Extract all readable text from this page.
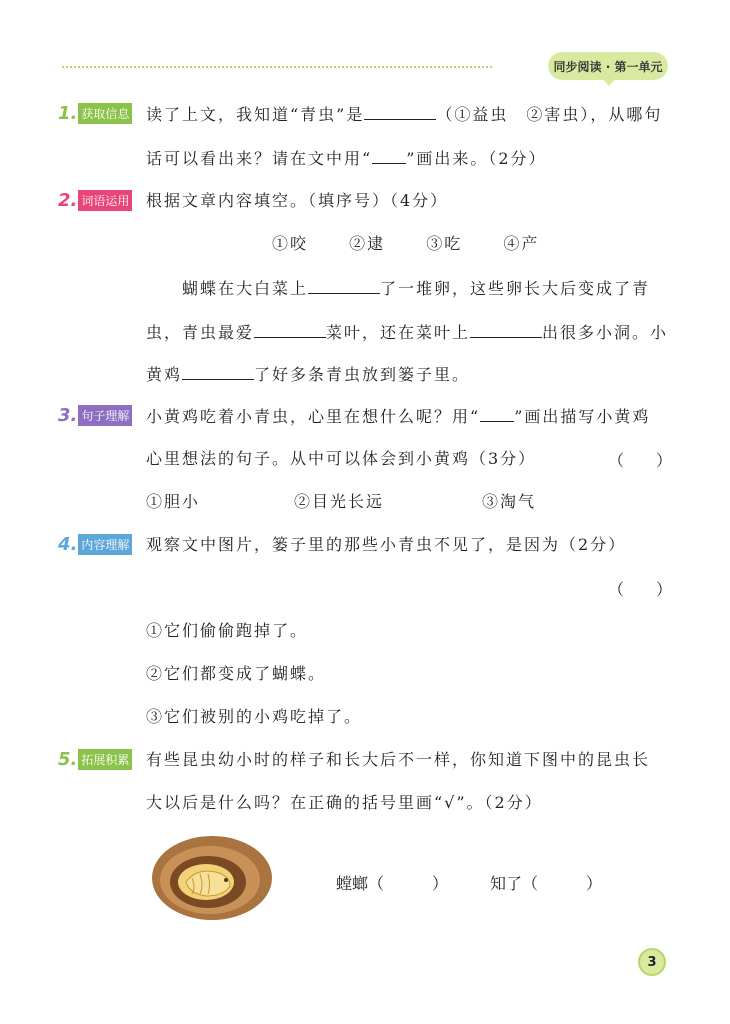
同步阅读 · 第一单元
1. 获取信息 读了上文，我知道“青虫”是	（①益虫　②害虫），从哪句
话可以看出来？请在文中用“ ”画出来。（2分）
2. 词语运用 根据文章内容填空。（填序号）（4分）
①咬	②逮	③吃	④产
蝴蝶在大白菜上	了一堆卵，这些卵长大后变成了青
虫，青虫最爱	菜叶，还在菜叶上	出很多小洞。小
黄鸡	了好多条青虫放到篓子里。
3. 句子理解 小黄鸡吃着小青虫，心里在想什么呢？用“ ”画出描写小黄鸡
心里想法的句子。从中可以体会到小黄鸡（3分）	（　　）
①胆小	②目光长远	③淘气
4. 内容理解 观察文中图片，篓子里的那些小青虫不见了，是因为（2分）
（　　）
①它们偷偷跑掉了。
②它们都变成了蝴蝶。
③它们被别的小鸡吃掉了。
5. 拓展积累 有些昆虫幼小时的样子和长大后不一样，你知道下图中的昆虫长
大以后是什么吗？在正确的括号里画“√”。（2分）
螳螂（　　　）	知了（　　　）
3
